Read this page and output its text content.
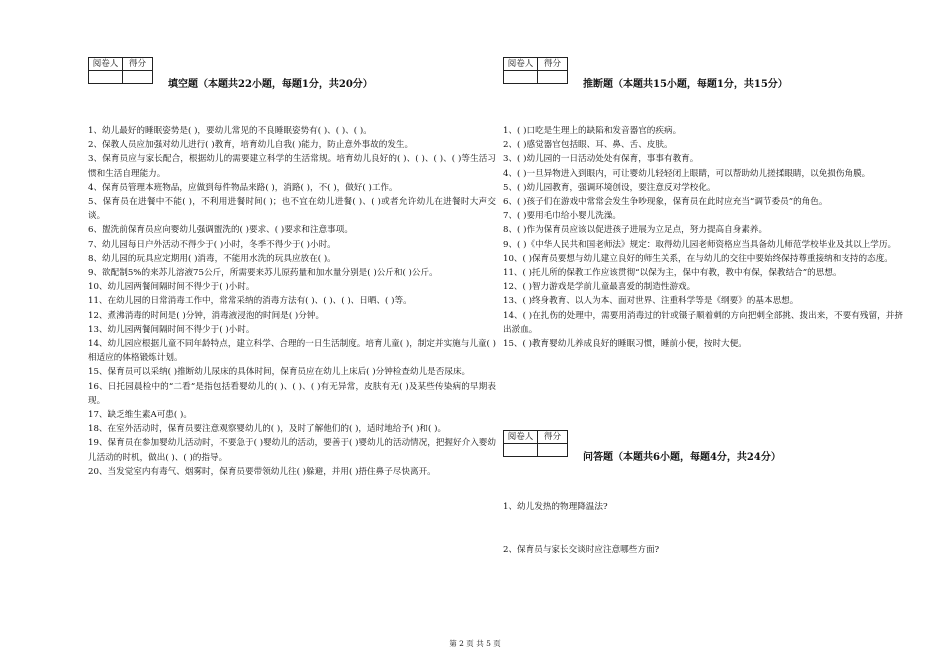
阅卷人	得分

填空题（本题共22小题，每题1分，共20分）
1、幼儿最好的睡眠姿势是( )，要幼儿常见的不良睡眠姿势有( )、( )、( )。
2、保教人员应加强对幼儿进行( )教育，培育幼儿自我( )能力，防止意外事故的发生。
3、保育员应与家长配合，根据幼儿的需要建立科学的生活常规。培育幼儿良好的( )、( )、( )、( )等生活习惯和生活自理能力。
4、保育员管理本班物品，应做到每件物品来路( )，消路( )，不( )，做好( )工作。
5、保育员在进餐中不能( )，不利用进餐时间( )；也不宜在幼儿进餐( )、( )或者允许幼儿在进餐时大声交谈。
6、盥洗前保育员应向婴幼儿强调盥洗的( )要求、( )要求和注意事项。
7、幼儿园每日户外活动不得少于( )小时，冬季不得少于( )小时。
8、幼儿园的玩具应定期用( )消毒，不能用水洗的玩具应放在( )。
9、欲配制5%的来苏儿溶液75公斤，所需要来苏儿原药量和加水量分别是( )公斤和( )公斤。
10、幼儿园两餐间隔时间不得少于( )小时。
11、在幼儿园的日常消毒工作中，常常采纳的消毒方法有( )、( )、( )、日晒、( )等。
12、煮沸消毒的时间是( )分钟，消毒液浸泡的时间是( )分钟。
13、幼儿园两餐间隔时间不得少于( )小时。
14、幼儿园应根据儿童不同年龄特点，建立科学、合理的一日生活制度。培育儿童( )，制定并实施与儿童( )相适应的体格锻炼计划。
15、保育员可以采纳( )推断幼儿尿床的具体时间，保育员应在幼儿上床后( )分钟检查幼儿是否尿床。
16、日托园晨检中的“二看”是指包括看婴幼儿的( )、( )、( )有无异常，皮肤有无( )及某些传染病的早期表现。
17、缺乏维生素A可患( )。
18、在室外活动时，保育员要注意观察婴幼儿的( )，及时了解他们的( )，适时地给予( )和( )。
19、保育员在参加婴幼儿活动时，不要急于( )婴幼儿的活动，要善于( )婴幼儿的活动情况，把握好介入婴幼儿活动的时机，做出( )、( )的指导。
20、当发觉室内有毒气、烟雾时，保育员要带领幼儿往( )躲避，并用( )捂住鼻子尽快离开。
阅卷人	得分

推断题（本题共15小题，每题1分，共15分）
1、( )口吃是生理上的缺陷和发音器官的疾病。
2、( )感觉器官包括眼、耳、鼻、舌、皮肤。
3、( )幼儿园的一日活动处处有保育，事事有教育。
4、( )一旦异物进入到眼内，可让婴幼儿轻轻闭上眼睛，可以帮助幼儿搓揉眼睛，以免损伤角膜。
5、( )幼儿园教育，强调环境创设，要注意反对学校化。
6、( )孩子们在游戏中常常会发生争吵现象，保育员在此时应充当“调节委员”的角色。
7、( )要用毛巾给小婴儿洗澡。
8、( )作为保育员应该以促进孩子进展为立足点，努力提高自身素养。
9、( )《中华人民共和国老师法》规定：取得幼儿园老师资格应当具备幼儿师范学校毕业及其以上学历。
10、( )保育员要想与幼儿建立良好的师生关系，在与幼儿的交往中要始终保持尊重接纳和支持的态度。
11、( )托儿所的保教工作应该贯彻“以保为主，保中有教，教中有保，保教结合”的思想。
12、( )智力游戏是学前儿童最喜爱的制造性游戏。
13、( )终身教育、以人为本、面对世界、注重科学等是《纲要》的基本思想。
14、( )在扎伤的处理中，需要用消毒过的针或镊子顺着刺的方向把刺全部挑、拨出来，不要有残留，并挤出淤血。
15、( )教育婴幼儿养成良好的睡眠习惯，睡前小便，按时大便。
阅卷人	得分

问答题（本题共6小题，每题4分，共24分）
1、幼儿发热的物理降温法?
2、保育员与家长交谈时应注意哪些方面?
第 2 页 共 5 页
